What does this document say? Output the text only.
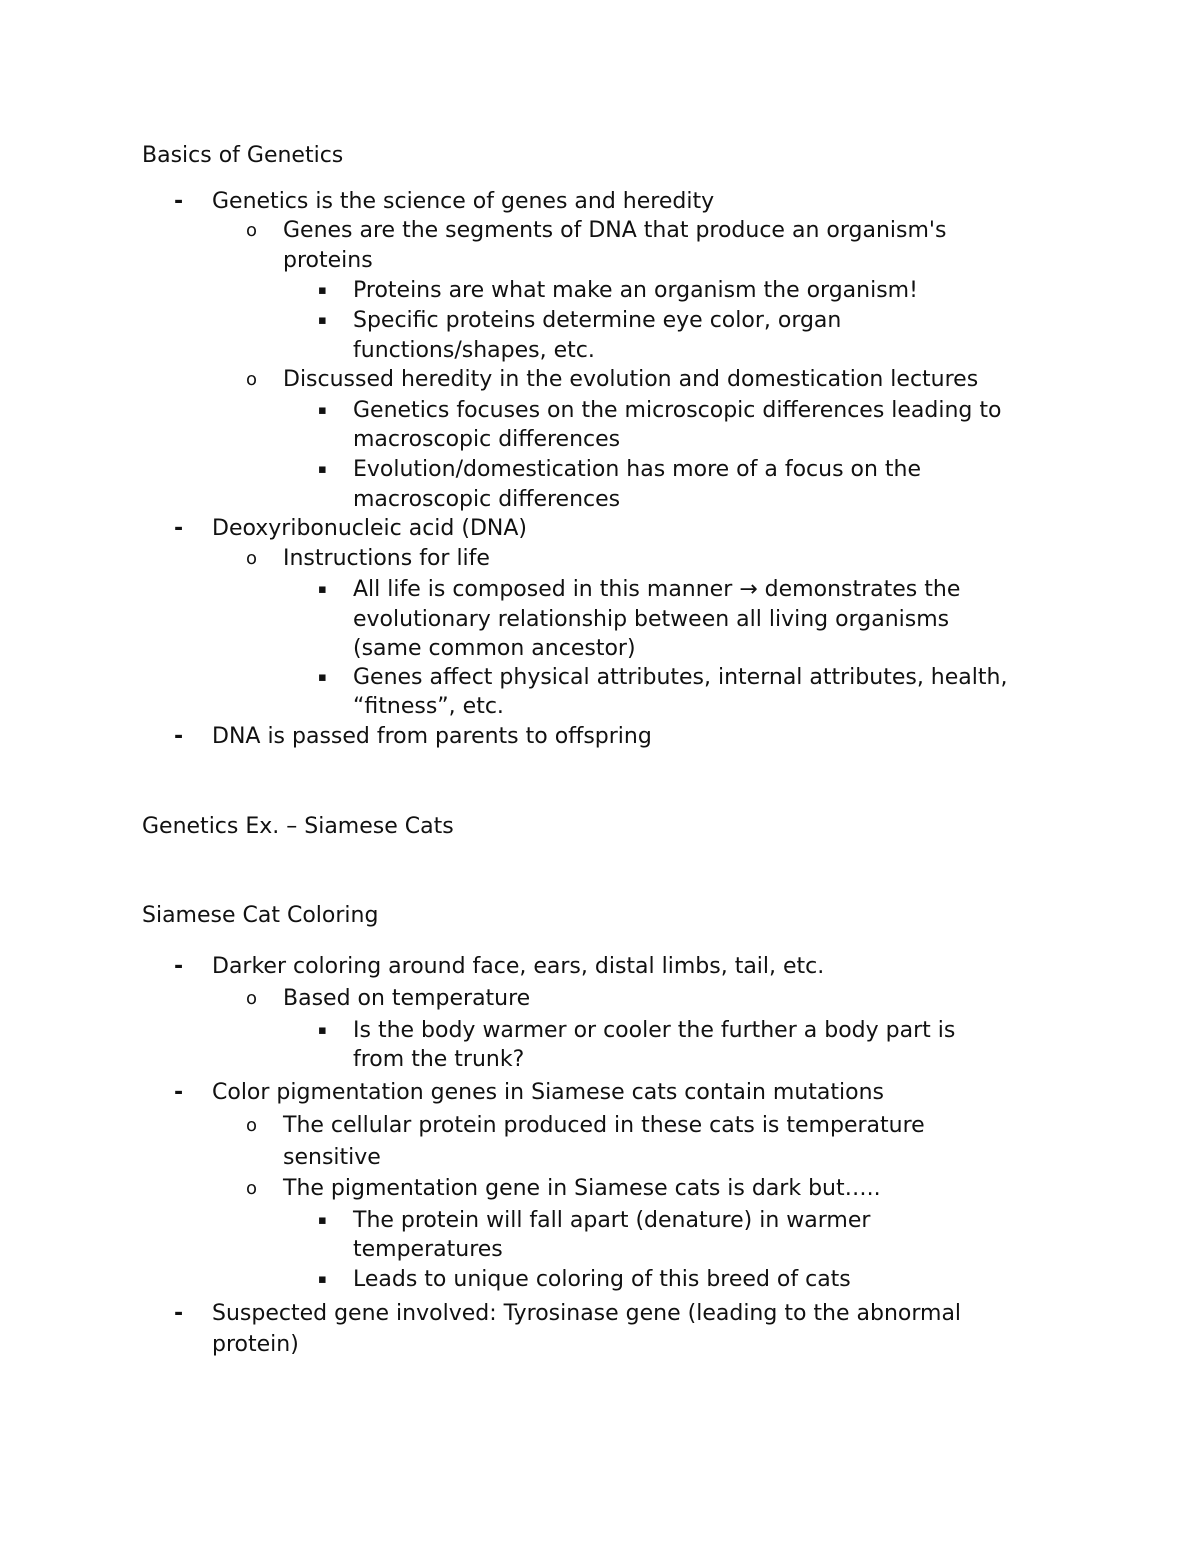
Basics of Genetics
- Genetics is the science of genes and heredity
o Genes are the segments of DNA that produce an organism's
proteins
▪ Proteins are what make an organism the organism!
▪ Specific proteins determine eye color, organ
functions/shapes, etc.
o Discussed heredity in the evolution and domestication lectures
▪ Genetics focuses on the microscopic differences leading to
macroscopic differences
▪ Evolution/domestication has more of a focus on the
macroscopic differences
- Deoxyribonucleic acid (DNA)
o Instructions for life
▪ All life is composed in this manner → demonstrates the
evolutionary relationship between all living organisms
(same common ancestor)
▪ Genes affect physical attributes, internal attributes, health,
“fitness”, etc.
- DNA is passed from parents to offspring
Genetics Ex. – Siamese Cats
Siamese Cat Coloring
- Darker coloring around face, ears, distal limbs, tail, etc.
o Based on temperature
▪ Is the body warmer or cooler the further a body part is
from the trunk?
- Color pigmentation genes in Siamese cats contain mutations
o The cellular protein produced in these cats is temperature
sensitive
o The pigmentation gene in Siamese cats is dark but…..
▪ The protein will fall apart (denature) in warmer
temperatures
▪ Leads to unique coloring of this breed of cats
- Suspected gene involved: Tyrosinase gene (leading to the abnormal
protein)
